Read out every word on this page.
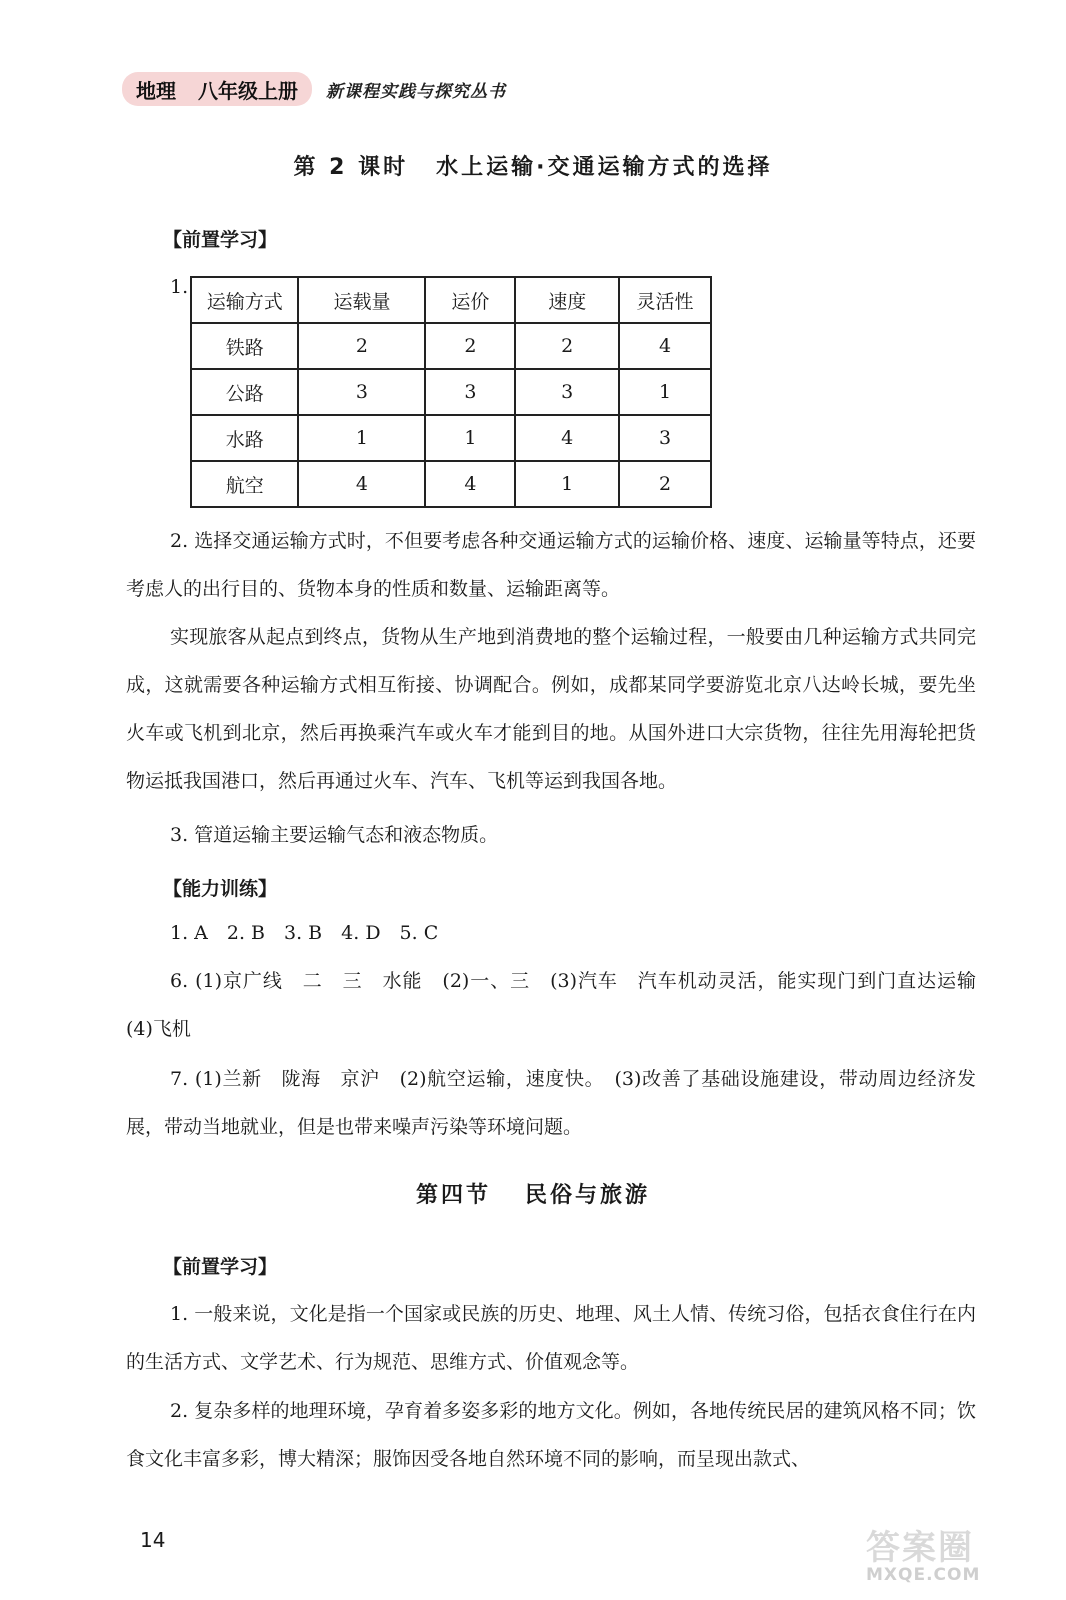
地理 八年级上册 新课程实践与探究丛书
第 2 课时 水上运输·交通运输方式的选择
【前置学习】
1.
运输方式	运载量	运价	速度	灵活性
铁路	2	2	2	4
公路	3	3	3	1
水路	1	1	4	3
航空	4	4	1	2
2. 选择交通运输方式时，不但要考虑各种交通运输方式的运输价格、速度、运输量等特点，还要考虑人的出行目的、货物本身的性质和数量、运输距离等。
实现旅客从起点到终点，货物从生产地到消费地的整个运输过程，一般要由几种运输方式共同完成，这就需要各种运输方式相互衔接、协调配合。例如，成都某同学要游览北京八达岭长城，要先坐火车或飞机到北京，然后再换乘汽车或火车才能到目的地。从国外进口大宗货物，往往先用海轮把货物运抵我国港口，然后再通过火车、汽车、飞机等运到我国各地。
3. 管道运输主要运输气态和液态物质。
【能力训练】
1. A　2. B　3. B　4. D　5. C
6. (1)京广线　二　三　水能　(2)一、三　(3)汽车　汽车机动灵活，能实现门到门直达运输　(4)飞机
7. (1)兰新　陇海　京沪　(2)航空运输，速度快。　(3)改善了基础设施建设，带动周边经济发展，带动当地就业，但是也带来噪声污染等环境问题。
第四节 民俗与旅游
【前置学习】
1. 一般来说，文化是指一个国家或民族的历史、地理、风土人情、传统习俗，包括衣食住行在内的生活方式、文学艺术、行为规范、思维方式、价值观念等。
2. 复杂多样的地理环境，孕育着多姿多彩的地方文化。例如，各地传统民居的建筑风格不同；饮食文化丰富多彩，博大精深；服饰因受各地自然环境不同的影响，而呈现出款式、
14	答案圈
MXQE.COM
